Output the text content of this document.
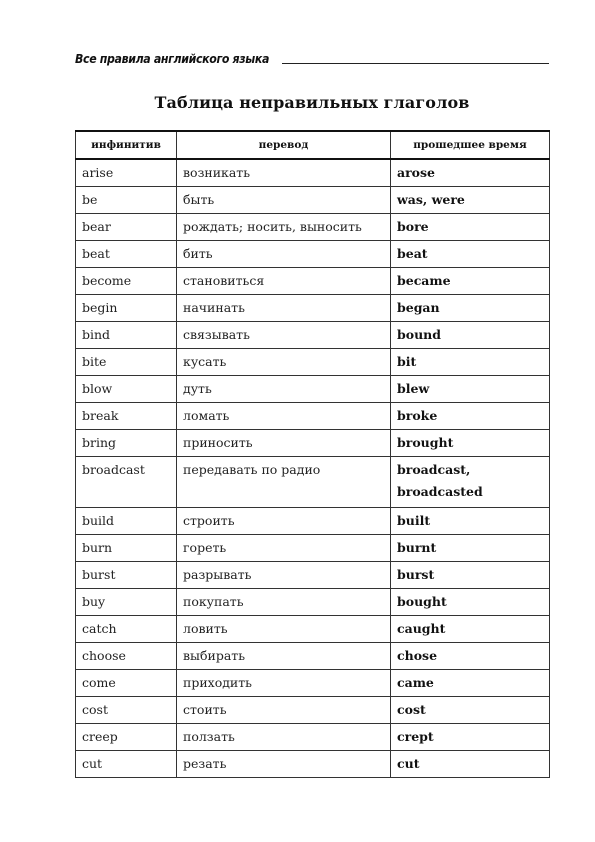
Все правила английского языка
Таблица неправильных глаголов
инфинитив	перевод	прошедшее время
arise	возникать	arose
be	быть	was, were
bear	рождать; носить, выносить	bore
beat	бить	beat
become	становиться	became
begin	начинать	began
bind	связывать	bound
bite	кусать	bit
blow	дуть	blew
break	ломать	broke
bring	приносить	brought
broadcast	передавать по радио	broadcast,
broadcasted

build	строить	built
burn	гореть	burnt
burst	разрывать	burst
buy	покупать	bought
catch	ловить	caught
choose	выбирать	chose
come	приходить	came
cost	стоить	cost
creep	ползать	crept
cut	резать	cut
